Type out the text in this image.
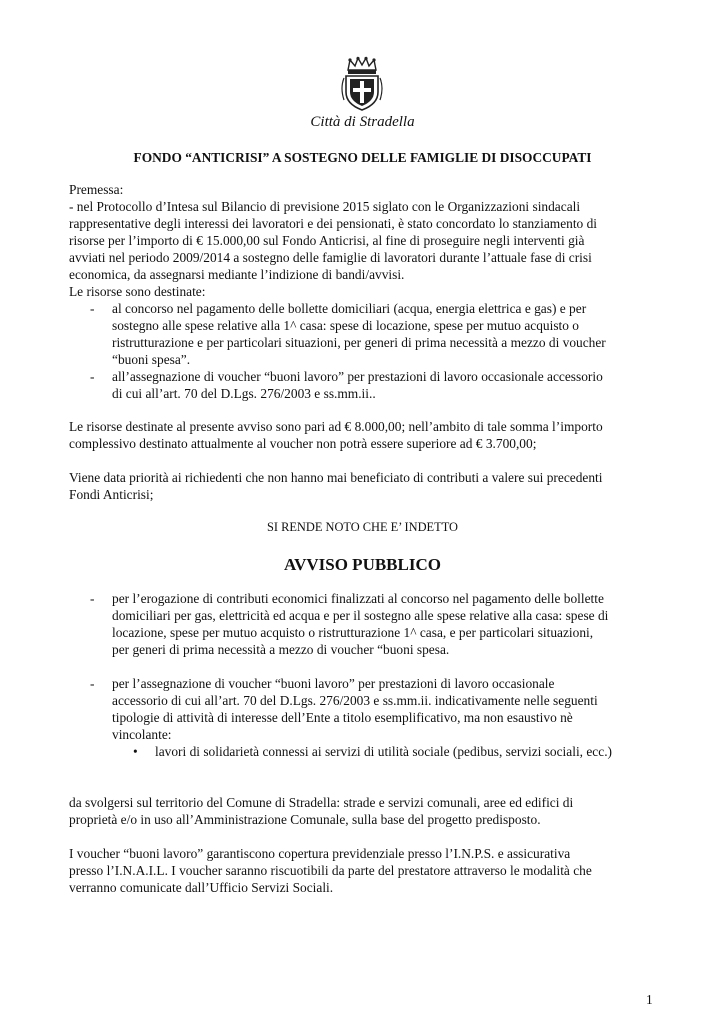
Città di Stradella
FONDO “ANTICRISI” A SOSTEGNO DELLE FAMIGLIE DI DISOCCUPATI
Premessa:
- nel Protocollo d’Intesa sul Bilancio di previsione 2015 siglato con le Organizzazioni sindacali
rappresentative degli interessi dei lavoratori e dei pensionati, è stato concordato lo stanziamento di
risorse per l’importo di € 15.000,00 sul Fondo Anticrisi, al fine di proseguire negli interventi già
avviati nel periodo 2009/2014 a sostegno delle famiglie di lavoratori durante l’attuale fase di crisi
economica, da assegnarsi mediante l’indizione di bandi/avvisi.
Le risorse sono destinate:
- al concorso nel pagamento delle bollette domiciliari (acqua, energia elettrica e gas) e per
sostegno alle spese relative alla 1^ casa: spese di locazione, spese per mutuo acquisto o
ristrutturazione e per particolari situazioni, per generi di prima necessità a mezzo di voucher
“buoni spesa”.
- all’assegnazione di voucher “buoni lavoro” per prestazioni di lavoro occasionale accessorio
di cui all’art. 70 del D.Lgs. 276/2003 e ss.mm.ii..
Le risorse destinate al presente avviso sono pari ad € 8.000,00; nell’ambito di tale somma l’importo
complessivo destinato attualmente al voucher non potrà essere superiore ad € 3.700,00;
Viene data priorità ai richiedenti che non hanno mai beneficiato di contributi a valere sui precedenti
Fondi Anticrisi;
SI RENDE NOTO CHE E’ INDETTO
AVVISO PUBBLICO
- per l’erogazione di contributi economici finalizzati al concorso nel pagamento delle bollette
domiciliari per gas, elettricità ed acqua e per il sostegno alle spese relative alla casa: spese di
locazione, spese per mutuo acquisto o ristrutturazione 1^ casa, e per particolari situazioni,
per generi di prima necessità a mezzo di voucher “buoni spesa.
- per l’assegnazione di voucher “buoni lavoro” per prestazioni di lavoro occasionale
accessorio di cui all’art. 70 del D.Lgs. 276/2003 e ss.mm.ii. indicativamente nelle seguenti
tipologie di attività di interesse dell’Ente a titolo esemplificativo, ma non esaustivo nè
vincolante:
• lavori di solidarietà connessi ai servizi di utilità sociale (pedibus, servizi sociali, ecc.)
da svolgersi sul territorio del Comune di Stradella: strade e servizi comunali, aree ed edifici di
proprietà e/o in uso all’Amministrazione Comunale, sulla base del progetto predisposto.
I voucher “buoni lavoro” garantiscono copertura previdenziale presso l’I.N.P.S. e assicurativa
presso l’I.N.A.I.L. I voucher saranno riscuotibili da parte del prestatore attraverso le modalità che
verranno comunicate dall’Ufficio Servizi Sociali.
1
